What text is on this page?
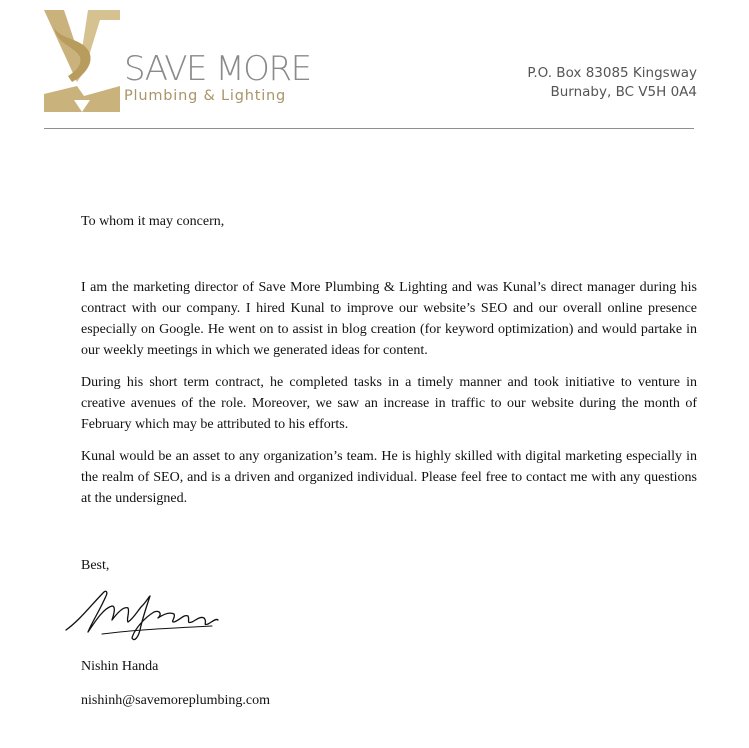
SAVE MORE
Plumbing & Lighting
P.O. Box 83085 Kingsway
Burnaby, BC V5H 0A4
To whom it may concern,

I am the marketing director of Save More Plumbing & Lighting and was Kunal’s direct manager during his contract with our company. I hired Kunal to improve our website’s SEO and our overall online presence especially on Google. He went on to assist in blog creation (for keyword optimization) and would partake in our weekly meetings in which we generated ideas for content.

During his short term contract, he completed tasks in a timely manner and took initiative to venture in creative avenues of the role. Moreover, we saw an increase in traffic to our website during the month of February which may be attributed to his efforts.

Kunal would be an asset to any organization’s team. He is highly skilled with digital marketing especially in the realm of SEO, and is a driven and organized individual. Please feel free to contact me with any questions at the undersigned.

Best,
Nishin Handa
nishinh@savemoreplumbing.com
